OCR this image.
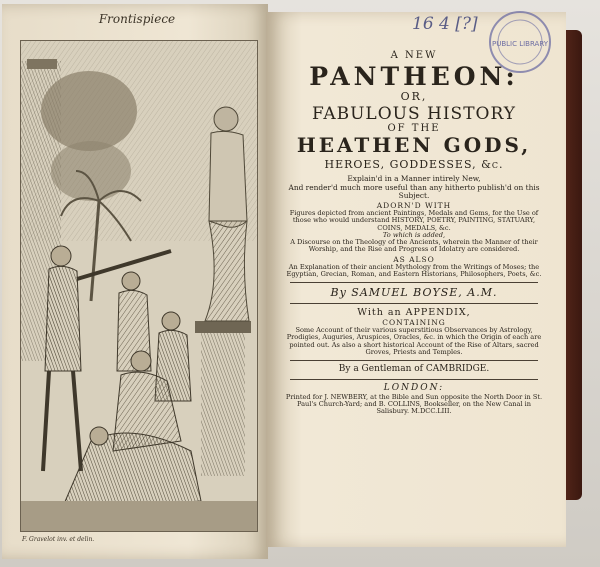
Frontispiece
F. Gravelot inv. et delin.
16 4 [?]
PUBLIC LIBRARY
A NEW
PANTHEON:
OR,
FABULOUS HISTORY
OF THE
HEATHEN GODS,
HEROES, GODDESSES, &c.
Explain'd in a Manner intirely New,
And render'd much more useful than any hitherto publish'd on this Subject.
ADORN'D WITH
Figures depicted from ancient Paintings, Medals and Gems, for the Use of those who would understand HISTORY, POETRY, PAINTING, STATUARY, COINS, MEDALS, &c.
To which is added,
A Discourse on the Theology of the Ancients, wherein the Manner of their Worship, and the Rise and Progress of Idolatry are considered.
AS ALSO
An Explanation of their ancient Mythology from the Writings of Moses; the Egyptian, Grecian, Roman, and Eastern Historians, Philosophers, Poets, &c.
By SAMUEL BOYSE, A.M.
With an APPENDIX,
CONTAINING
Some Account of their various superstitious Observances by Astrology, Prodigies, Auguries, Aruspices, Oracles, &c. in which the Origin of each are pointed out. As also a short historical Account of the Rise of Altars, sacred Groves, Priests and Temples.
By a Gentleman of CAMBRIDGE.
LONDON:
Printed for J. NEWBERY, at the Bible and Sun opposite the North Door in St. Paul's Church-Yard; and B. COLLINS, Bookseller, on the New Canal in Salisbury. M.DCC.LIII.
